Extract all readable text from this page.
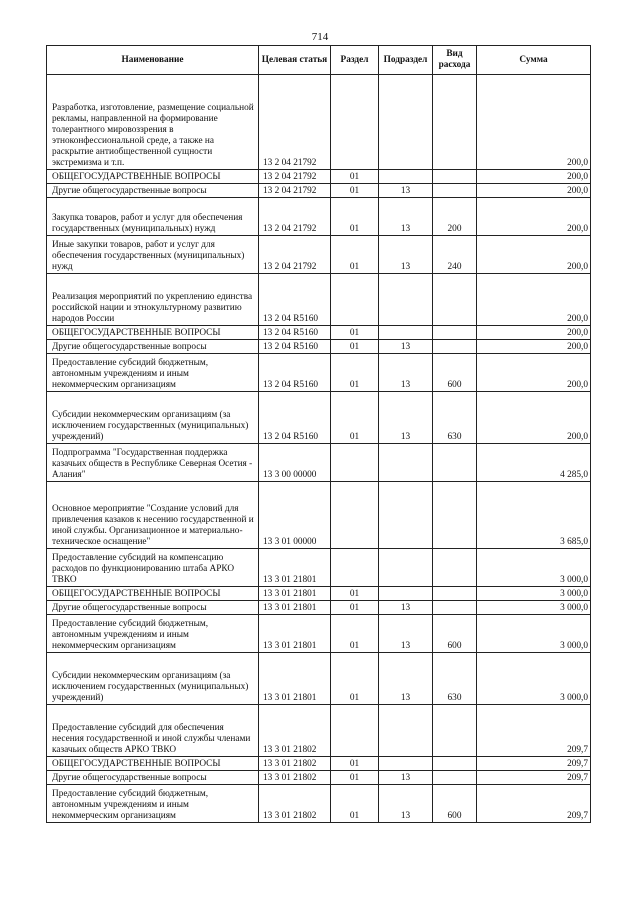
714
Наименование	Целевая статья	Раздел	Подраздел	Вид расхода	Сумма
Разработка, изготовление, размещение социальной рекламы, направленной на формирование толерантного мировоззрения в этноконфессиональной среде, а также на раскрытие антиобщественной сущности экстремизма и т.п.	13 2 04 21792				200,0
ОБЩЕГОСУДАРСТВЕННЫЕ ВОПРОСЫ	13 2 04 21792	01			200,0
Другие общегосударственные вопросы	13 2 04 21792	01	13		200,0
Закупка товаров, работ и услуг для обеспечения государственных (муниципальных) нужд	13 2 04 21792	01	13	200	200,0
Иные закупки товаров, работ и услуг для обеспечения государственных (муниципальных) нужд	13 2 04 21792	01	13	240	200,0
Реализация мероприятий по укреплению единства российской нации и этнокультурному развитию народов России	13 2 04 R5160				200,0
ОБЩЕГОСУДАРСТВЕННЫЕ ВОПРОСЫ	13 2 04 R5160	01			200,0
Другие общегосударственные вопросы	13 2 04 R5160	01	13		200,0
Предоставление субсидий бюджетным, автономным учреждениям и иным некоммерческим организациям	13 2 04 R5160	01	13	600	200,0
Субсидии некоммерческим организациям (за исключением государственных (муниципальных) учреждений)	13 2 04 R5160	01	13	630	200,0
Подпрограмма "Государственная поддержка казачьих обществ в Республике Северная Осетия - Алания"	13 3 00 00000				4 285,0
Основное мероприятие "Создание условий для привлечения казаков к несению государственной и иной службы. Организационное и материально-техническое оснащение"	13 3 01 00000				3 685,0
Предоставление субсидий на компенсацию расходов по функционированию штаба АРКО ТВКО	13 3 01 21801				3 000,0
ОБЩЕГОСУДАРСТВЕННЫЕ ВОПРОСЫ	13 3 01 21801	01			3 000,0
Другие общегосударственные вопросы	13 3 01 21801	01	13		3 000,0
Предоставление субсидий бюджетным, автономным учреждениям и иным некоммерческим организациям	13 3 01 21801	01	13	600	3 000,0
Субсидии некоммерческим организациям (за исключением государственных (муниципальных) учреждений)	13 3 01 21801	01	13	630	3 000,0
Предоставление субсидий для обеспечения несения государственной и иной службы членами казачьих обществ АРКО ТВКО	13 3 01 21802				209,7
ОБЩЕГОСУДАРСТВЕННЫЕ ВОПРОСЫ	13 3 01 21802	01			209,7
Другие общегосударственные вопросы	13 3 01 21802	01	13		209,7
Предоставление субсидий бюджетным, автономным учреждениям и иным некоммерческим организациям	13 3 01 21802	01	13	600	209,7
